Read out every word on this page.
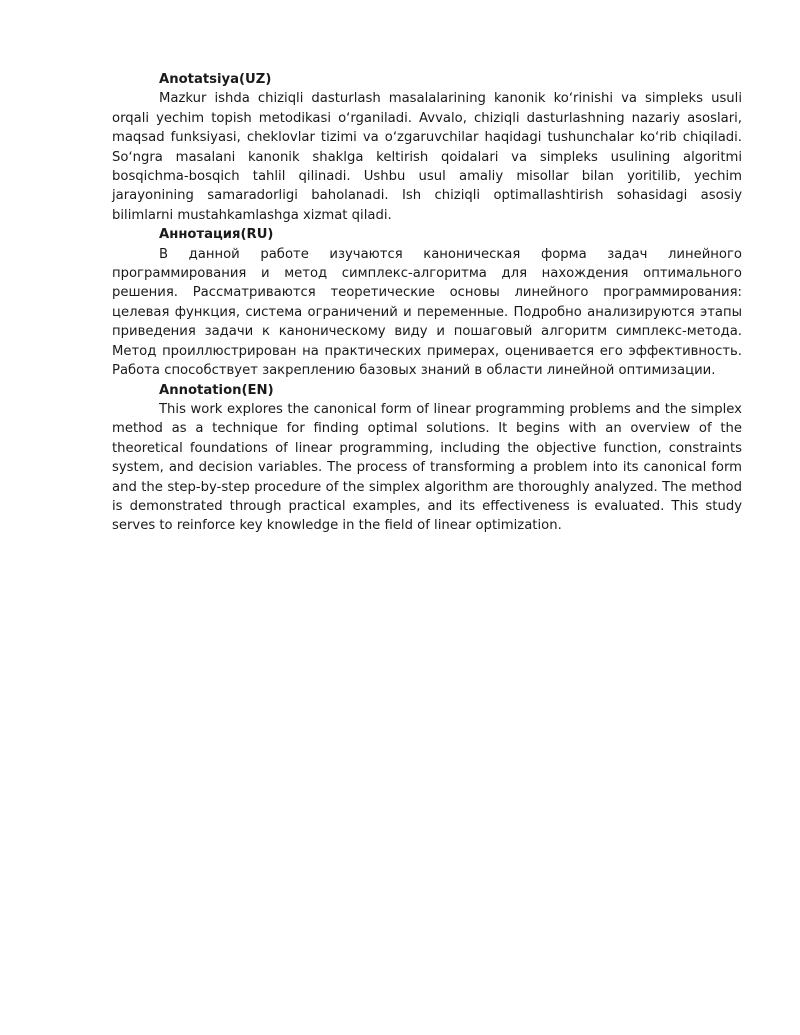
Anotatsiya(UZ)

Mazkur ishda chiziqli dasturlash masalalarining kanonik koʻrinishi va simpleks usuli orqali yechim topish metodikasi oʻrganiladi. Avvalo, chiziqli dasturlashning nazariy asoslari, maqsad funksiyasi, cheklovlar tizimi va oʻzgaruvchilar haqidagi tushunchalar koʻrib chiqiladi. Soʻngra masalani kanonik shaklga keltirish qoidalari va simpleks usulining algoritmi bosqichma-bosqich tahlil qilinadi. Ushbu usul amaliy misollar bilan yoritilib, yechim jarayonining samaradorligi baholanadi. Ish chiziqli optimallashtirish sohasidagi asosiy bilimlarni mustahkamlashga xizmat qiladi.

Аннотация(RU)

В данной работе изучаются каноническая форма задач линейного программирования и метод симплекс-алгоритма для нахождения оптимального решения. Рассматриваются теоретические основы линейного программирования: целевая функция, система ограничений и переменные. Подробно анализируются этапы приведения задачи к каноническому виду и пошаговый алгоритм симплекс-метода. Метод проиллюстрирован на практических примерах, оценивается его эффективность. Работа способствует закреплению базовых знаний в области линейной оптимизации.

Annotation(EN)

This work explores the canonical form of linear programming problems and the simplex method as a technique for finding optimal solutions. It begins with an overview of the theoretical foundations of linear programming, including the objective function, constraints system, and decision variables. The process of transforming a problem into its canonical form and the step-by-step procedure of the simplex algorithm are thoroughly analyzed. The method is demonstrated through practical examples, and its effectiveness is evaluated. This study serves to reinforce key knowledge in the field of linear optimization.
